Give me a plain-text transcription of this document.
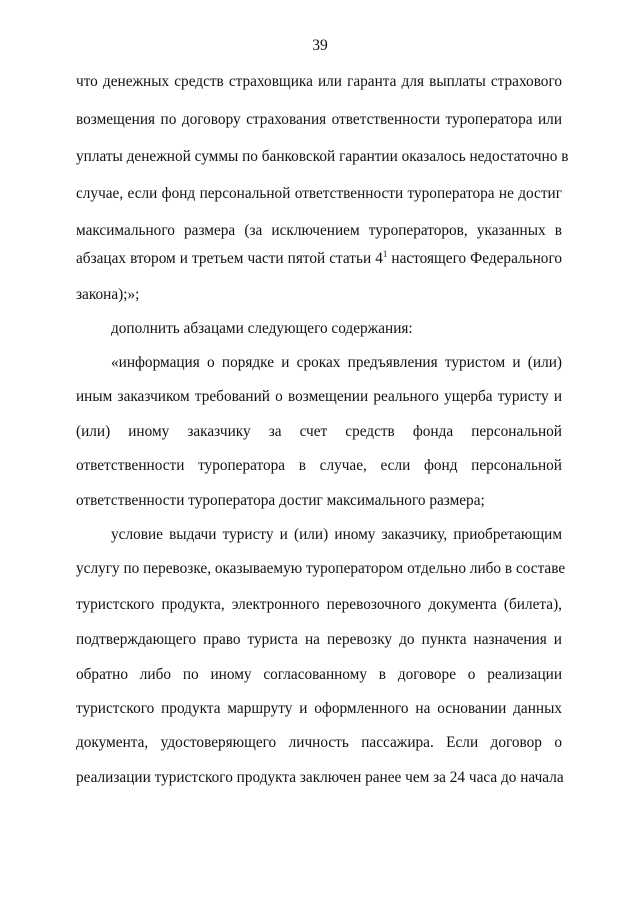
39
что денежных средств страховщика или гаранта для выплаты страхового
возмещения по договору страхования ответственности туроператора или
уплаты денежной суммы по банковской гарантии оказалось недостаточно в
случае, если фонд персональной ответственности туроператора не достиг
максимального размера (за исключением туроператоров, указанных в
абзацах втором и третьем части пятой статьи $4^1$ настоящего Федерального
закона);»;
дополнить абзацами следующего содержания:
«информация о порядке и сроках предъявления туристом и (или)
иным заказчиком требований о возмещении реального ущерба туристу и
(или) иному заказчику за счет средств фонда персональной
ответственности туроператора в случае, если фонд персональной
ответственности туроператора достиг максимального размера;
условие выдачи туристу и (или) иному заказчику, приобретающим
услугу по перевозке, оказываемую туроператором отдельно либо в составе
туристского продукта, электронного перевозочного документа (билета),
подтверждающего право туриста на перевозку до пункта назначения и
обратно либо по иному согласованному в договоре о реализации
туристского продукта маршруту и оформленного на основании данных
документа, удостоверяющего личность пассажира. Если договор о
реализации туристского продукта заключен ранее чем за 24 часа до начала
